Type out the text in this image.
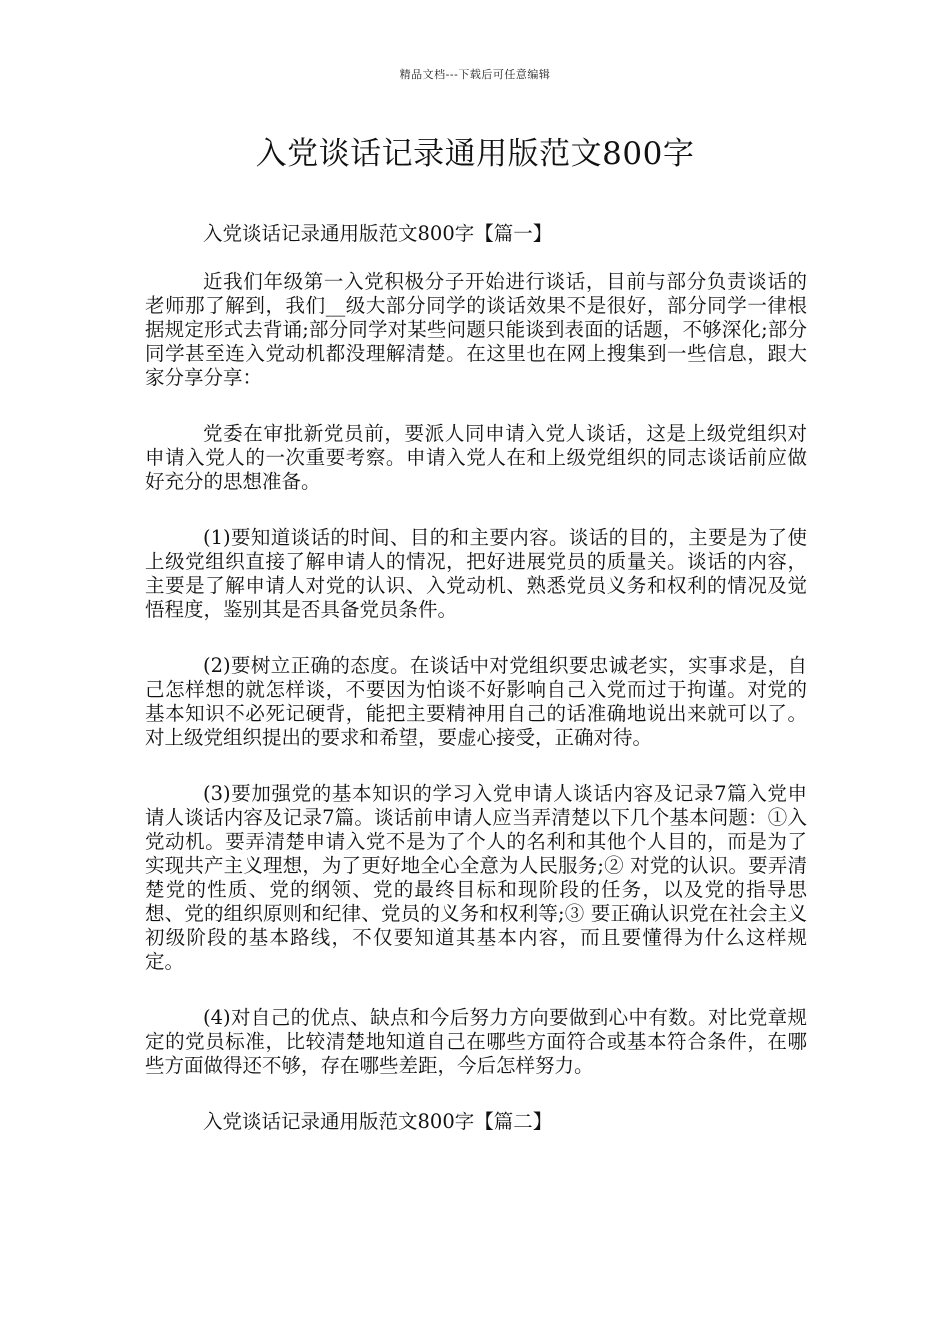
精品文档---下载后可任意编辑
入党谈话记录通用版范文800字

入党谈话记录通用版范文800字【篇一】

近我们年级第一入党积极分子开始进行谈话，目前与部分负责谈话的老师那了解到，我们__级大部分同学的谈话效果不是很好，部分同学一律根据规定形式去背诵;部分同学对某些问题只能谈到表面的话题，不够深化;部分同学甚至连入党动机都没理解清楚。在这里也在网上搜集到一些信息，跟大家分享分享：

党委在审批新党员前，要派人同申请入党人谈话，这是上级党组织对申请入党人的一次重要考察。申请入党人在和上级党组织的同志谈话前应做好充分的思想准备。

(1)要知道谈话的时间、目的和主要内容。谈话的目的，主要是为了使上级党组织直接了解申请人的情况，把好进展党员的质量关。谈话的内容，主要是了解申请人对党的认识、入党动机、熟悉党员义务和权利的情况及觉悟程度，鉴别其是否具备党员条件。

(2)要树立正确的态度。在谈话中对党组织要忠诚老实，实事求是，自己怎样想的就怎样谈，不要因为怕谈不好影响自己入党而过于拘谨。对党的基本知识不必死记硬背，能把主要精神用自己的话准确地说出来就可以了。对上级党组织提出的要求和希望，要虚心接受，正确对待。

(3)要加强党的基本知识的学习入党申请人谈话内容及记录7篇入党申请人谈话内容及记录7篇。谈话前申请人应当弄清楚以下几个基本问题：①入党动机。要弄清楚申请入党不是为了个人的名利和其他个人目的，而是为了实现共产主义理想，为了更好地全心全意为人民服务;② 对党的认识。要弄清楚党的性质、党的纲领、党的最终目标和现阶段的任务，以及党的指导思想、党的组织原则和纪律、党员的义务和权利等;③ 要正确认识党在社会主义初级阶段的基本路线，不仅要知道其基本内容，而且要懂得为什么这样规定。

(4)对自己的优点、缺点和今后努力方向要做到心中有数。对比党章规定的党员标准，比较清楚地知道自己在哪些方面符合或基本符合条件，在哪些方面做得还不够，存在哪些差距，今后怎样努力。

入党谈话记录通用版范文800字【篇二】
